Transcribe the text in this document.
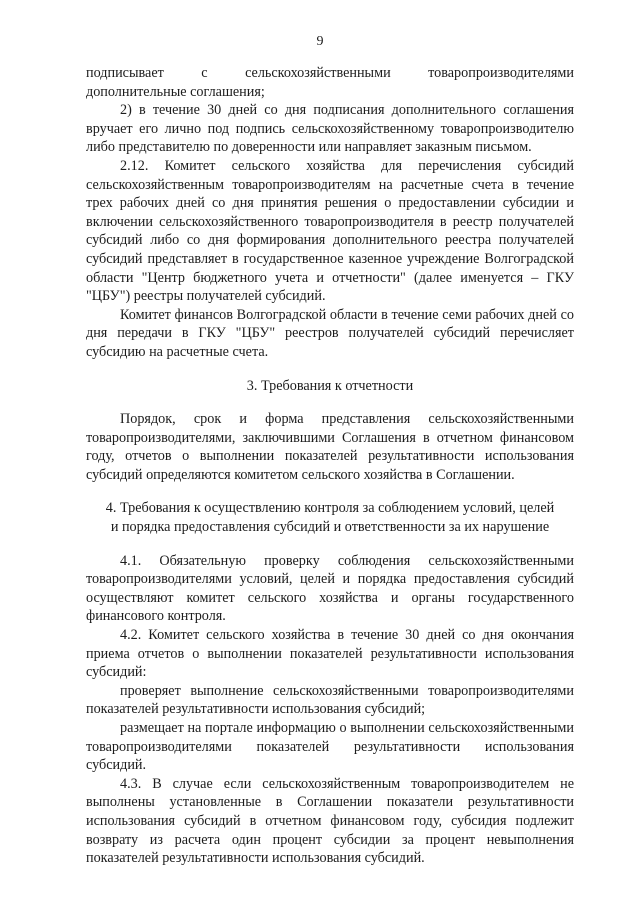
9

подписывает с сельскохозяйственными товаропроизводителями дополнительные соглашения;

2) в течение 30 дней со дня подписания дополнительного соглашения вручает его лично под подпись сельскохозяйственному товаропроизводителю либо представителю по доверенности или направляет заказным письмом.

2.12. Комитет сельского хозяйства для перечисления субсидий сельскохозяйственным товаропроизводителям на расчетные счета в течение трех рабочих дней со дня принятия решения о предоставлении субсидии и включении сельскохозяйственного товаропроизводителя в реестр получателей субсидий либо со дня формирования дополнительного реестра получателей субсидий представляет в государственное казенное учреждение Волгоградской области "Центр бюджетного учета и отчетности" (далее именуется – ГКУ "ЦБУ") реестры получателей субсидий.

Комитет финансов Волгоградской области в течение семи рабочих дней со дня передачи в ГКУ "ЦБУ" реестров получателей субсидий перечисляет субсидию на расчетные счета.

3. Требования к отчетности

Порядок, срок и форма представления сельскохозяйственными товаропроизводителями, заключившими Соглашения в отчетном финансовом году, отчетов о выполнении показателей результативности использования субсидий определяются комитетом сельского хозяйства в Соглашении.

4. Требования к осуществлению контроля за соблюдением условий, целей
и порядка предоставления субсидий и ответственности за их нарушение

4.1. Обязательную проверку соблюдения сельскохозяйственными товаропроизводителями условий, целей и порядка предоставления субсидий осуществляют комитет сельского хозяйства и органы государственного финансового контроля.

4.2. Комитет сельского хозяйства в течение 30 дней со дня окончания приема отчетов о выполнении показателей результативности использования субсидий:

проверяет выполнение сельскохозяйственными товаропроизводителями показателей результативности использования субсидий;

размещает на портале информацию о выполнении сельскохозяйственными товаропроизводителями показателей результативности использования субсидий.

4.3. В случае если сельскохозяйственным товаропроизводителем не выполнены установленные в Соглашении показатели результативности использования субсидий в отчетном финансовом году, субсидия подлежит возврату из расчета один процент субсидии за процент невыполнения показателей результативности использования субсидий.
